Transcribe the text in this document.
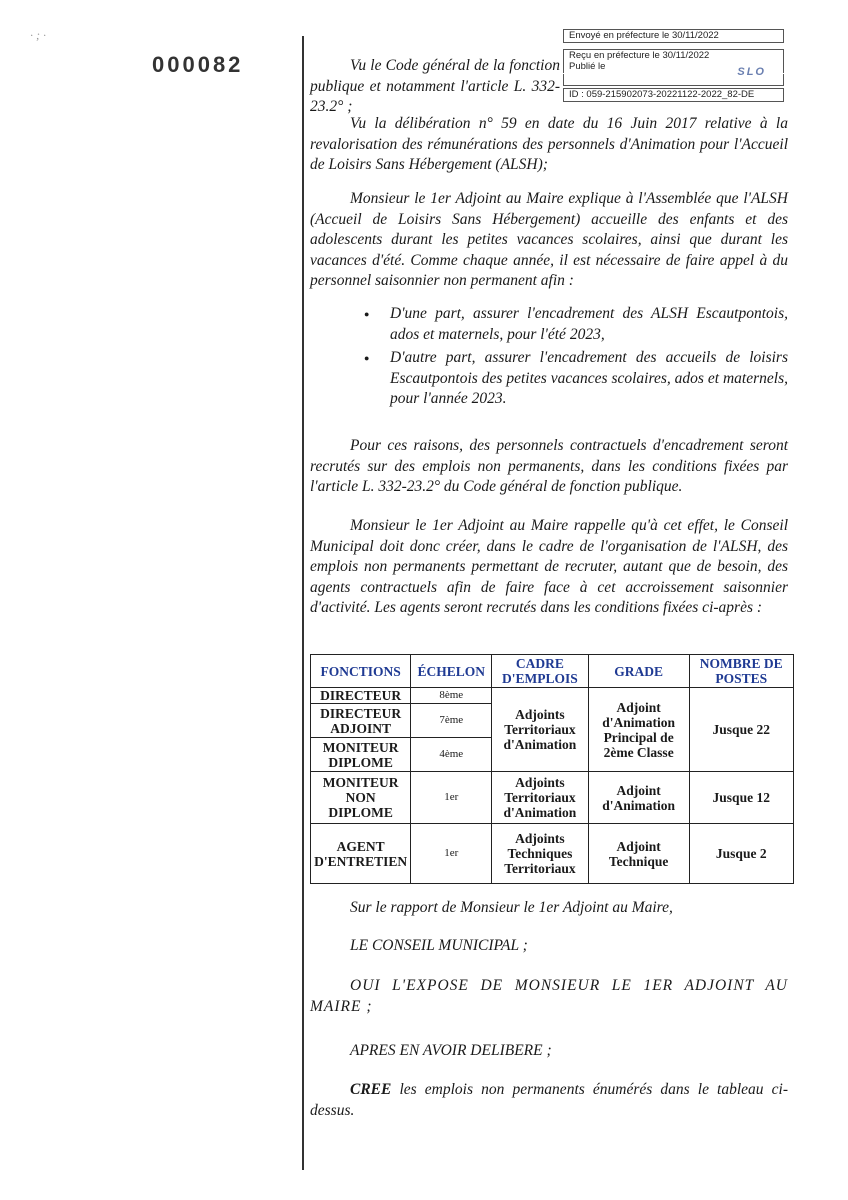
· ; ·
000082
Envoyé en préfecture le 30/11/2022
Reçu en préfecture le 30/11/2022
Publié le	SLO
ID : 059-215902073-20221122-2022_82-DE

Vu le Code général de la fonction publique et notamment l'article L. 332-23.2° ;

Vu la délibération n° 59 en date du 16 Juin 2017 relative à la revalorisation des rémunérations des personnels d'Animation pour l'Accueil de Loisirs Sans Hébergement (ALSH);

Monsieur le 1er Adjoint au Maire explique à l'Assemblée que l'ALSH (Accueil de Loisirs Sans Hébergement) accueille des enfants et des adolescents durant les petites vacances scolaires, ainsi que durant les vacances d'été. Comme chaque année, il est nécessaire de faire appel à du personnel saisonnier non permanent afin :

● D'une part, assurer l'encadrement des ALSH Escautpontois, ados et maternels, pour l'été 2023,
● D'autre part, assurer l'encadrement des accueils de loisirs Escautpontois des petites vacances scolaires, ados et maternels, pour l'année 2023.

Pour ces raisons, des personnels contractuels d'encadrement seront recrutés sur des emplois non permanents, dans les conditions fixées par l'article L. 332-23.2° du Code général de fonction publique.

Monsieur le 1er Adjoint au Maire rappelle qu'à cet effet, le Conseil Municipal doit donc créer, dans le cadre de l'organisation de l'ALSH, des emplois non permanents permettant de recruter, autant que de besoin, des agents contractuels afin de faire face à cet accroissement saisonnier d'activité. Les agents seront recrutés dans les conditions fixées ci-après :

Sur le rapport de Monsieur le 1er Adjoint au Maire,

LE CONSEIL MUNICIPAL ;

OUI L'EXPOSE DE MONSIEUR LE 1ER ADJOINT AU MAIRE ;

APRES EN AVOIR DELIBERE ;

CREE les emplois non permanents énumérés dans le tableau ci-dessus.

FONCTIONS	ÉCHELON	CADRE D'EMPLOIS	GRADE	NOMBRE DE POSTES
DIRECTEUR	8ème	Adjoints Territoriaux d'Animation	Adjoint d'Animation Principal de 2ème Classe	Jusque 22
DIRECTEUR ADJOINT	7ème			
MONITEUR DIPLOME	4ème			
MONITEUR NON DIPLOME	1er	Adjoints Territoriaux d'Animation	Adjoint d'Animation	Jusque 12
AGENT D'ENTRETIEN	1er	Adjoints Techniques Territoriaux	Adjoint Technique	Jusque 2
